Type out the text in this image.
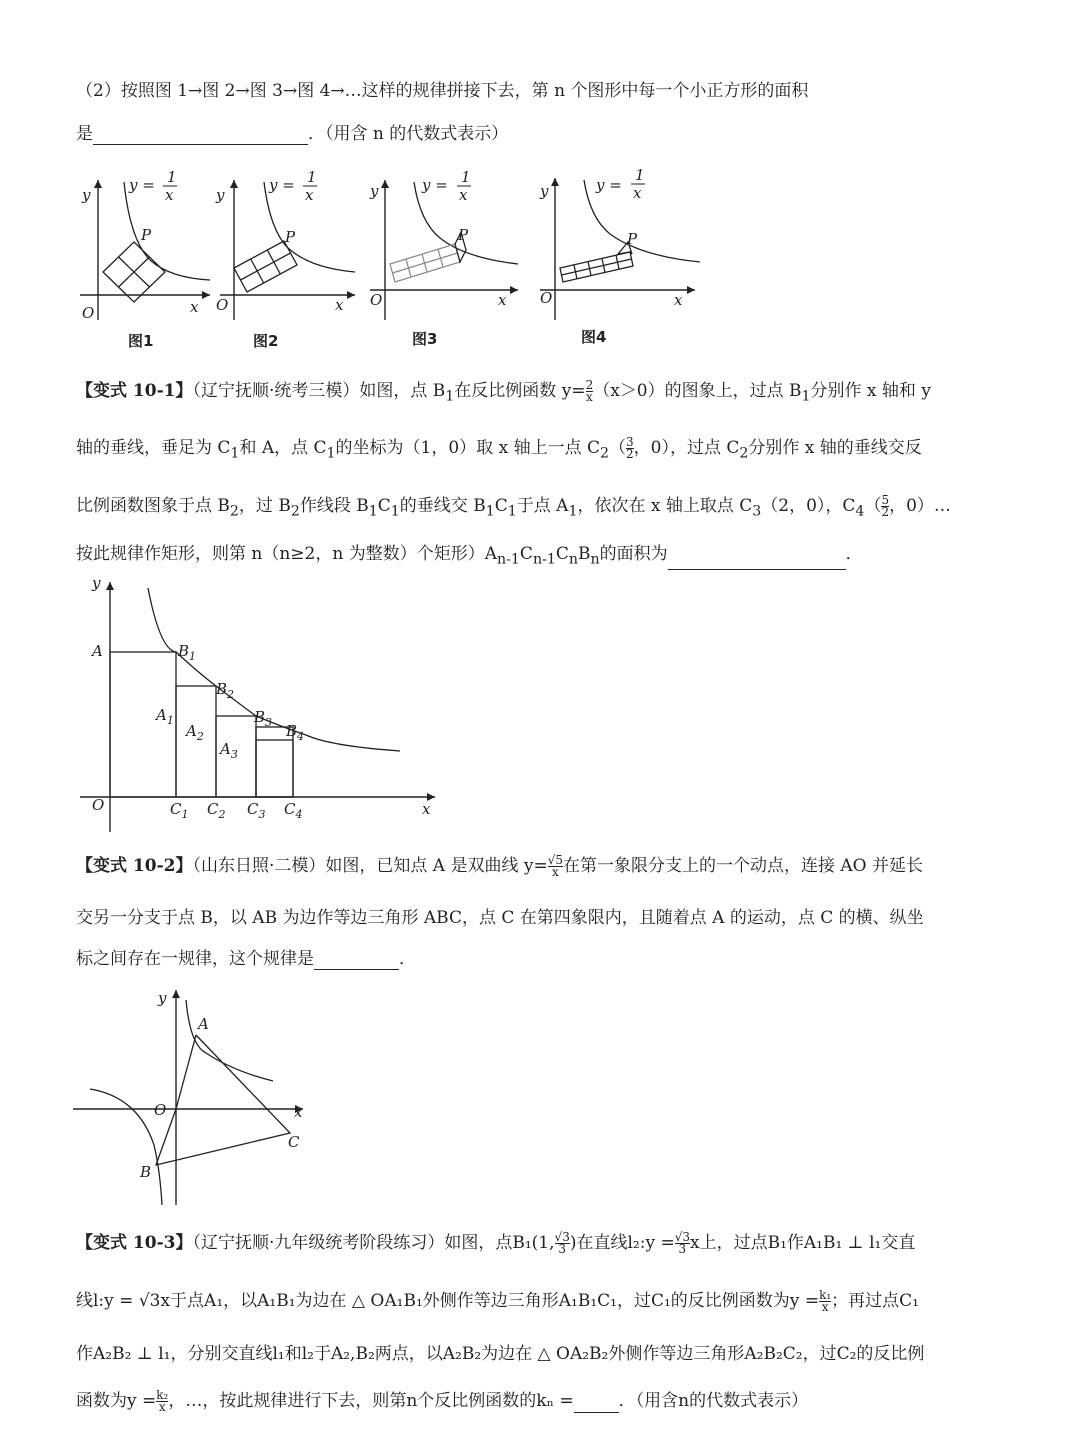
（2）按照图 1→图 2→图 3→图 4→…这样的规律拼接下去，第 n 个图形中每一个小正方形的面积
是	．（用含 n 的代数式表示）
y
y = 1
x
P
O	x
图1
y
y = 1
x
P
O	x
图2
y	y = 1
x
P
O	x
图3
y	y =
1
x
P
O	x
图4
【变式 10-1】（辽宁抚顺·统考三模）如图，点 $B_1$在反比例函数 $y= \frac{2}{x} (x>0)$的图象上，过点 $B_1$分别作 x 轴和 y
轴的垂线，垂足为 $C_1$和 A，点 $C_1$的坐标为（1，0）取 x 轴上一点 $C_2( \frac{3}{2}$ ，0），过点 $C_2$分别作 x 轴的垂线交反
比例函数图象于点 $B_2$，过 $B_2$作线段 $B_1C_1$的垂线交 $B_1C_1$于点 $A_1$，依次在 x 轴上取点 $C_3(2$，0），$C_4( \frac{5}{2}$ ，0）…
按此规律作矩形，则第 n（n≥2，n 为整数）个矩形）$A_{n-1}C_{n-1}C_nB_n$的面积为	．
y
A	$B_1$
$B_2$
$B_3$ $B_4$
$A_1$
$A_2$
$A_3$
O	$C_1$ $C_2$ $C_3$ $C_4$	x
【变式 10-2】（山东日照·二模）如图，已知点 A 是双曲线 $y= \frac{√5}{x}$ 在第一象限分支上的一个动点，连接 AO 并延长
交另一分支于点 B，以 AB 为边作等边三角形 ABC，点 C 在第四象限内，且随着点 A 的运动，点 C 的横、纵坐
标之间存在一规律，这个规律是	．
y
A
O	x
C
B
【变式 10-3】（辽宁抚顺·九年级统考阶段练习）如图，点B₁(1, $\frac{√3}{3}$ )在直线l₂:y = $\frac{√3}{3}$ x上，过点B₁作A₁B₁ ⊥ l₁交直
线l:y = √3x于点A₁，以A₁B₁为边在 △ OA₁B₁外侧作等边三角形A₁B₁C₁，过C₁的反比例函数为$y = \frac{\text{k₁}}{x}$ ；再过点C₁
作A₂B₂ ⊥ l₁，分别交直线l₁和l₂于A₂,B₂两点，以A₂B₂为边在 △ OA₂B₂外侧作等边三角形A₂B₂C₂，过C₂的反比例
函数为$y = \frac{\text{k₂}}{x}$ ，…，按此规律进行下去，则第n个反比例函数的kₙ =	．（用含n的代数式表示）
